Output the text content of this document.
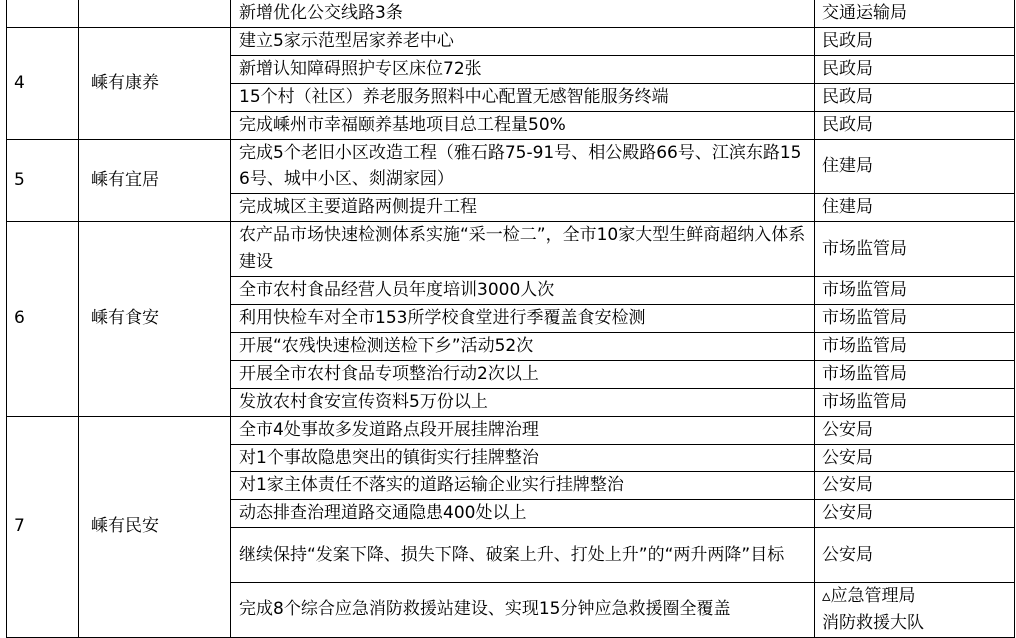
		新增优化公交线路3条	交通运输局

4	嵊有康养	建立5家示范型居家养老中心	民政局

		新增认知障碍照护专区床位72张	民政局

		15个村（社区）养老服务照料中心配置无感智能服务终端	民政局

		完成嵊州市幸福颐养基地项目总工程量50%	民政局

5	嵊有宜居	完成5个老旧小区改造工程（雅石路75-91号、相公殿路66号、江滨东路156号、城中小区、剡湖家园）	住建局

		完成城区主要道路两侧提升工程	住建局

6	嵊有食安	农产品市场快速检测体系实施“采一检二”，全市10家大型生鲜商超纳入体系建设	市场监管局

		全市农村食品经营人员年度培训3000人次	市场监管局

		利用快检车对全市153所学校食堂进行季覆盖食安检测	市场监管局

		开展“农残快速检测送检下乡”活动52次	市场监管局

		开展全市农村食品专项整治行动2次以上	市场监管局

		发放农村食安宣传资料5万份以上	市场监管局

7	嵊有民安	全市4处事故多发道路点段开展挂牌治理	公安局

		对1个事故隐患突出的镇街实行挂牌整治	公安局

		对1家主体责任不落实的道路运输企业实行挂牌整治	公安局

		动态排查治理道路交通隐患400处以上	公安局

		继续保持“发案下降、损失下降、破案上升、打处上升”的“两升两降”目标	公安局

		完成8个综合应急消防救援站建设、实现15分钟应急救援圈全覆盖	▵应急管理局
消防救援大队
